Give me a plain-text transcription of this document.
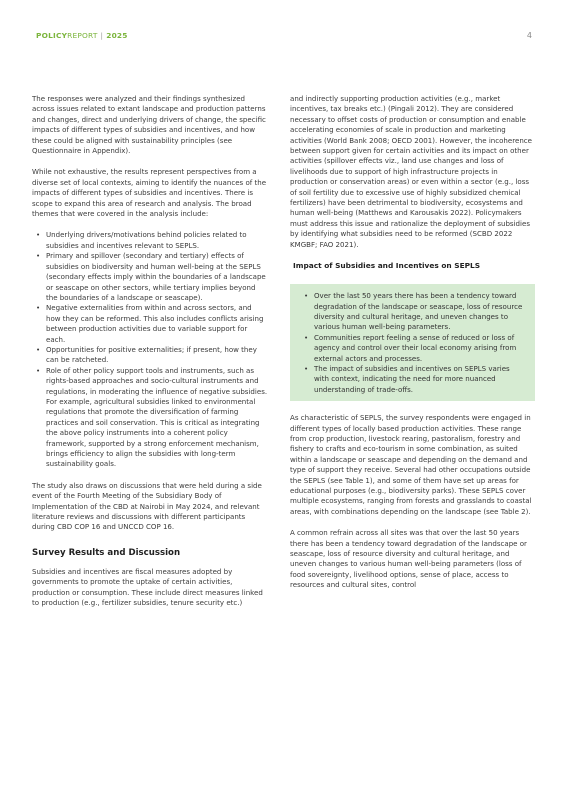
POLICYREPORT | 2025	4

The responses were analyzed and their findings synthesized across issues related to extant landscape and production patterns and changes, direct and underlying drivers of change, the specific impacts of different types of subsidies and incentives, and how these could be aligned with sustainability principles (see Questionnaire in Appendix).

While not exhaustive, the results represent perspectives from a diverse set of local contexts, aiming to identify the nuances of the impacts of different types of subsidies and incentives. There is scope to expand this area of research and analysis. The broad themes that were covered in the analysis include:

• Underlying drivers/motivations behind policies related to subsidies and incentives relevant to SEPLS.
• Primary and spillover (secondary and tertiary) effects of subsidies on biodiversity and human well-being at the SEPLS (secondary effects imply within the boundaries of a landscape or seascape on other sectors, while tertiary implies beyond the boundaries of a landscape or seascape).
• Negative externalities from within and across sectors, and how they can be reformed. This also includes conflicts arising between production activities due to variable support for each.
• Opportunities for positive externalities; if present, how they can be ratcheted.
• Role of other policy support tools and instruments, such as rights-based approaches and socio-cultural instruments and regulations, in moderating the influence of negative subsidies. For example, agricultural subsidies linked to environmental regulations that promote the diversification of farming practices and soil conservation. This is critical as integrating the above policy instruments into a coherent policy framework, supported by a strong enforcement mechanism, brings efficiency to align the subsidies with long-term sustainability goals.

The study also draws on discussions that were held during a side event of the Fourth Meeting of the Subsidiary Body of Implementation of the CBD at Nairobi in May 2024, and relevant literature reviews and discussions with different participants during CBD COP 16 and UNCCD COP 16.

Survey Results and Discussion

Subsidies and incentives are fiscal measures adopted by governments to promote the uptake of certain activities, production or consumption. These include direct measures linked to production (e.g., fertilizer subsidies, tenure security etc.)

and indirectly supporting production activities (e.g., market incentives, tax breaks etc.) (Pingali 2012). They are considered necessary to offset costs of production or consumption and enable accelerating economies of scale in production and marketing activities (World Bank 2008; OECD 2001). However, the incoherence between support given for certain activities and its impact on other activities (spillover effects viz., land use changes and loss of livelihoods due to support of high infrastructure projects in production or conservation areas) or even within a sector (e.g., loss of soil fertility due to excessive use of highly subsidized chemical fertilizers) have been detrimental to biodiversity, ecosystems and human well-being (Matthews and Karousakis 2022). Policymakers must address this issue and rationalize the deployment of subsidies by identifying what subsidies need to be reformed (SCBD 2022 KMGBF; FAO 2021).

Impact of Subsidies and Incentives on SEPLS
• Over the last 50 years there has been a tendency toward degradation of the landscape or seascape, loss of resource diversity and cultural heritage, and uneven changes to various human well-being parameters.
• Communities report feeling a sense of reduced or loss of agency and control over their local economy arising from external actors and processes.
• The impact of subsidies and incentives on SEPLS varies with context, indicating the need for more nuanced understanding of trade-offs.

As characteristic of SEPLS, the survey respondents were engaged in different types of locally based production activities. These range from crop production, livestock rearing, pastoralism, forestry and fishery to crafts and eco-tourism in some combination, as suited within a landscape or seascape and depending on the demand and type of support they receive. Several had other occupations outside the SEPLS (see Table 1), and some of them have set up areas for educational purposes (e.g., biodiversity parks). These SEPLS cover multiple ecosystems, ranging from forests and grasslands to coastal areas, with combinations depending on the landscape (see Table 2).

A common refrain across all sites was that over the last 50 years there has been a tendency toward degradation of the landscape or seascape, loss of resource diversity and cultural heritage, and uneven changes to various human well-being parameters (loss of food sovereignty, livelihood options, sense of place, access to resources and cultural sites, control
